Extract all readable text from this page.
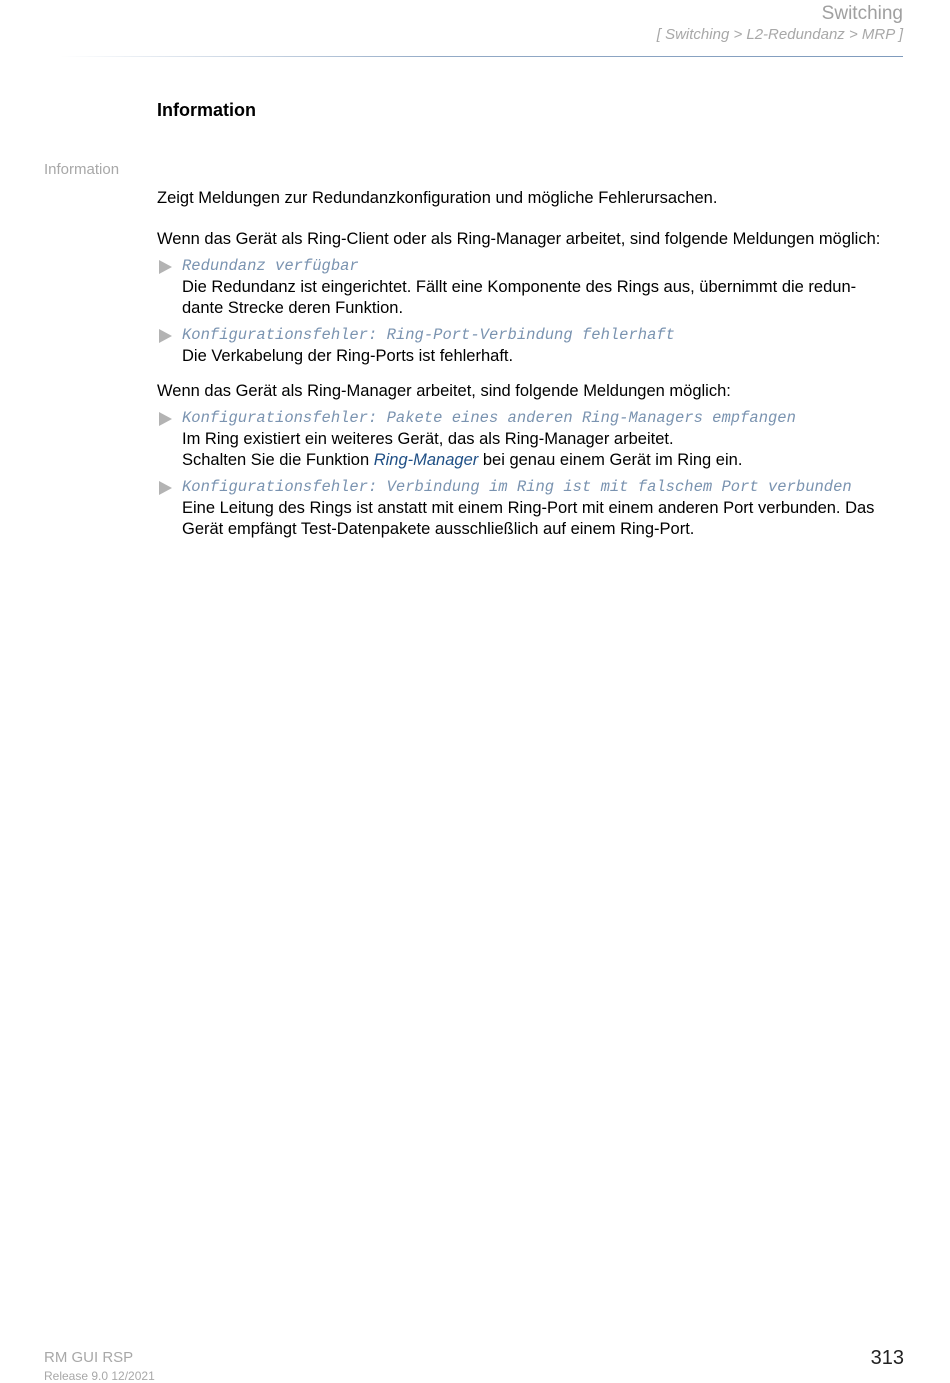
Switching
[ Switching > L2-Redundanz > MRP ]
Information
Information

Zeigt Meldungen zur Redundanzkonfiguration und mögliche Fehlerursachen.

Wenn das Gerät als Ring-Client oder als Ring-Manager arbeitet, sind folgende Meldungen möglich:

Redundanz verfügbar
Die Redundanz ist eingerichtet. Fällt eine Komponente des Rings aus, übernimmt die redun-
dante Strecke deren Funktion.
Konfigurationsfehler: Ring-Port-Verbindung fehlerhaft
Die Verkabelung der Ring-Ports ist fehlerhaft.

Wenn das Gerät als Ring-Manager arbeitet, sind folgende Meldungen möglich:

Konfigurationsfehler: Pakete eines anderen Ring-Managers empfangen
Im Ring existiert ein weiteres Gerät, das als Ring-Manager arbeitet.
Schalten Sie die Funktion Ring-Manager bei genau einem Gerät im Ring ein.
Konfigurationsfehler: Verbindung im Ring ist mit falschem Port verbunden
Eine Leitung des Rings ist anstatt mit einem Ring-Port mit einem anderen Port verbunden. Das
Gerät empfängt Test-Datenpakete ausschließlich auf einem Ring-Port.
RM GUI RSP
Release 9.0 12/2021
313
